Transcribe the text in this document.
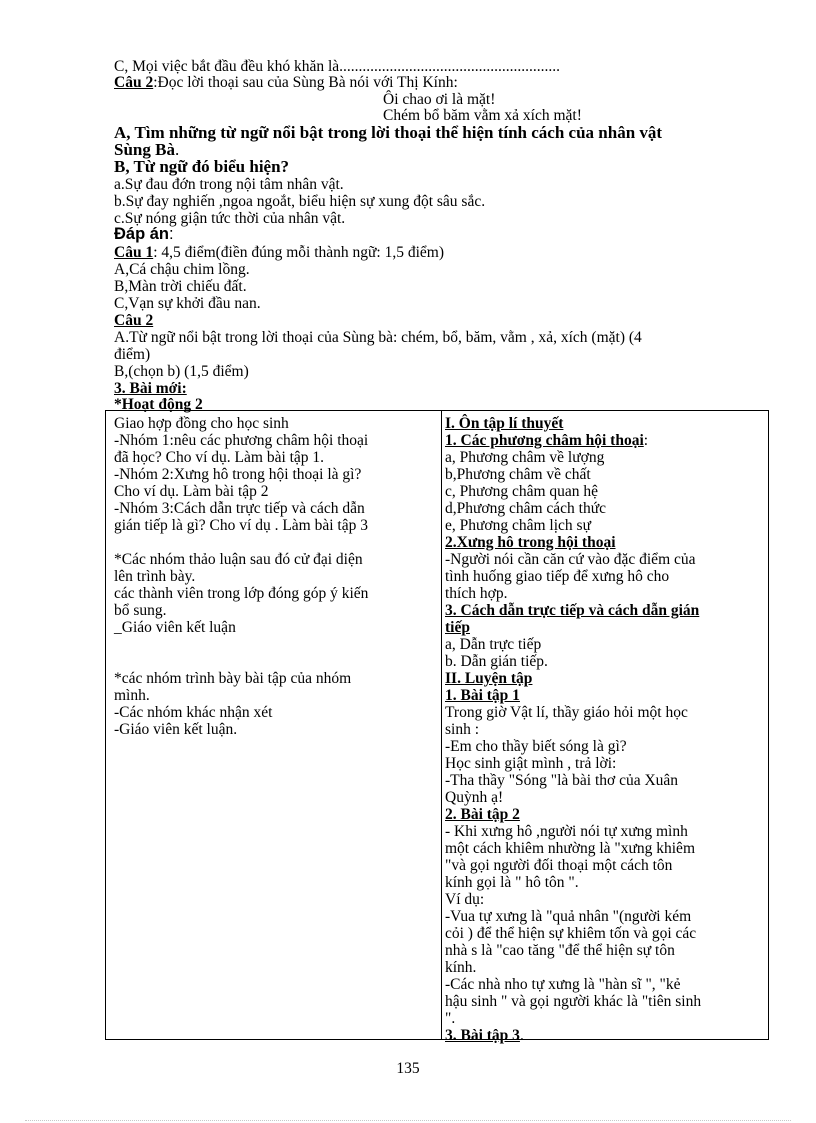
C, Mọi việc bắt đầu đều khó khăn là.........................................................
Câu 2:Đọc lời thoại sau của Sùng Bà nói với Thị Kính:
Ôi chao ơi là mặt!
Chém bổ băm vằm xả xích mặt!
A, Tìm những từ ngữ nổi bật trong lời thoại thể hiện tính cách của nhân vật
Sùng Bà.
B, Từ ngữ đó biểu hiện?
a.Sự đau đớn trong nội tâm nhân vật.
b.Sự đay nghiến ,ngoa ngoắt, biểu hiện sự xung đột sâu sắc.
c.Sự nóng giận tức thời của nhân vật.
Đáp án:
Câu 1: 4,5 điểm(điền đúng mỗi thành ngữ: 1,5 điểm)
A,Cá chậu chim lồng.
B,Màn trời chiếu đất.
C,Vạn sự khởi đầu nan.
Câu 2
A.Từ ngữ nổi bật trong lời thoại của Sùng bà: chém, bổ, băm, vằm , xả, xích (mặt) (4
điểm)
B,(chọn b) (1,5 điểm)
3. Bài mới:
*Hoạt động 2
Giao hợp đồng cho học sinh
-Nhóm 1:nêu các phương châm hội thoại
đã học? Cho ví dụ. Làm bài tập 1.
-Nhóm 2:Xưng hô trong hội thoại là gì?
Cho ví dụ. Làm bài tập 2
-Nhóm 3:Cách dẫn trực tiếp và cách dẫn
gián tiếp là gì? Cho ví dụ . Làm bài tập 3
*Các nhóm thảo luận sau đó cử đại diện
lên trình bày.
các thành viên trong lớp đóng góp ý kiến
bổ sung.
_Giáo viên kết luận
*các nhóm trình bày bài tập của nhóm
mình.
-Các nhóm khác nhận xét
-Giáo viên kết luận.
I. Ôn tập lí thuyết
1. Các phương châm hội thoại:
a, Phương châm về lượng
b,Phương châm về chất
c, Phương châm quan hệ
d,Phương châm cách thức
e, Phương châm lịch sự
2.Xưng hô trong hội thoại
-Người nói cần căn cứ vào đặc điểm của
tình huống giao tiếp để xưng hô cho
thích hợp.
3. Cách dẫn trực tiếp và cách dẫn gián
tiếp
a, Dẫn trực tiếp
b. Dẫn gián tiếp.
II. Luyện tập
1. Bài tập 1
Trong giờ Vật lí, thầy giáo hỏi một học
sinh :
-Em cho thầy biết sóng là gì?
Học sinh giật mình , trả lời:
-Tha thầy "Sóng "là bài thơ của Xuân
Quỳnh ạ!
2. Bài tập 2
- Khi xưng hô ,người nói tự xưng mình
một cách khiêm nhường là "xưng khiêm
"và gọi người đối thoại một cách tôn
kính gọi là " hô tôn ".
Ví dụ:
-Vua tự xưng là "quả nhân "(người kém
cỏi ) để thể hiện sự khiêm tốn và gọi các
nhà s là "cao tăng "để thể hiện sự tôn
kính.
-Các nhà nho tự xưng là "hàn sĩ ", "kẻ
hậu sinh " và gọi người khác là "tiên sinh
".
3. Bài tập 3.
135
